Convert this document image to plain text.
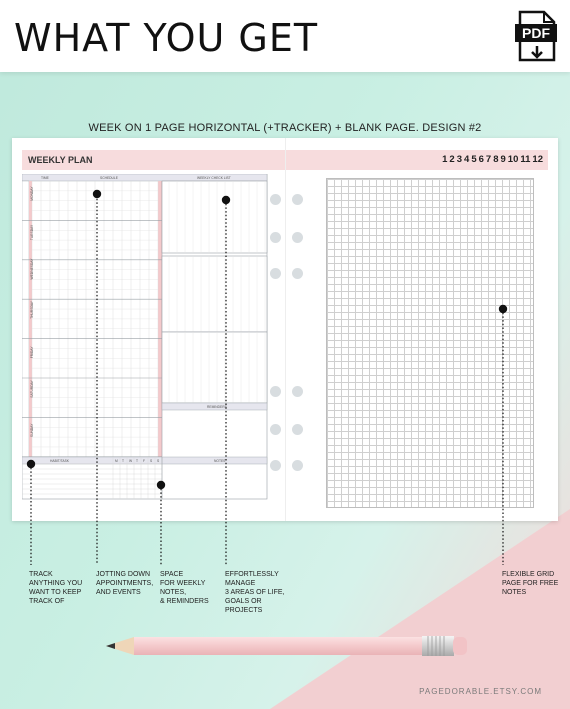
WHAT YOU GET	PDF
WEEK ON 1 PAGE HORIZONTAL (+TRACKER) + BLANK PAGE. DESIGN #2
WEEKLY PLAN
TIME	SCHEDULE	WEEKLY CHECK LIST
MONDAY
TUESDAY
WEDNESDAY
THURSDAY
FRIDAY
SATURDAY
SUNDAY
REMINDERS
HABIT/TASK	NOTES
M T W T F S S
1 2 3 4 5 6 7 8 9 10 11 12
TRACK
ANYTHING YOU
WANT TO KEEP
TRACK OF
JOTTING DOWN
APPOINTMENTS,
AND EVENTS
SPACE
FOR WEEKLY
NOTES,
& REMINDERS
EFFORTLESSLY
MANAGE
3 AREAS OF LIFE,
GOALS OR
PROJECTS
FLEXIBLE GRID
PAGE FOR FREE
NOTES
PAGEDORABLE.ETSY.COM
